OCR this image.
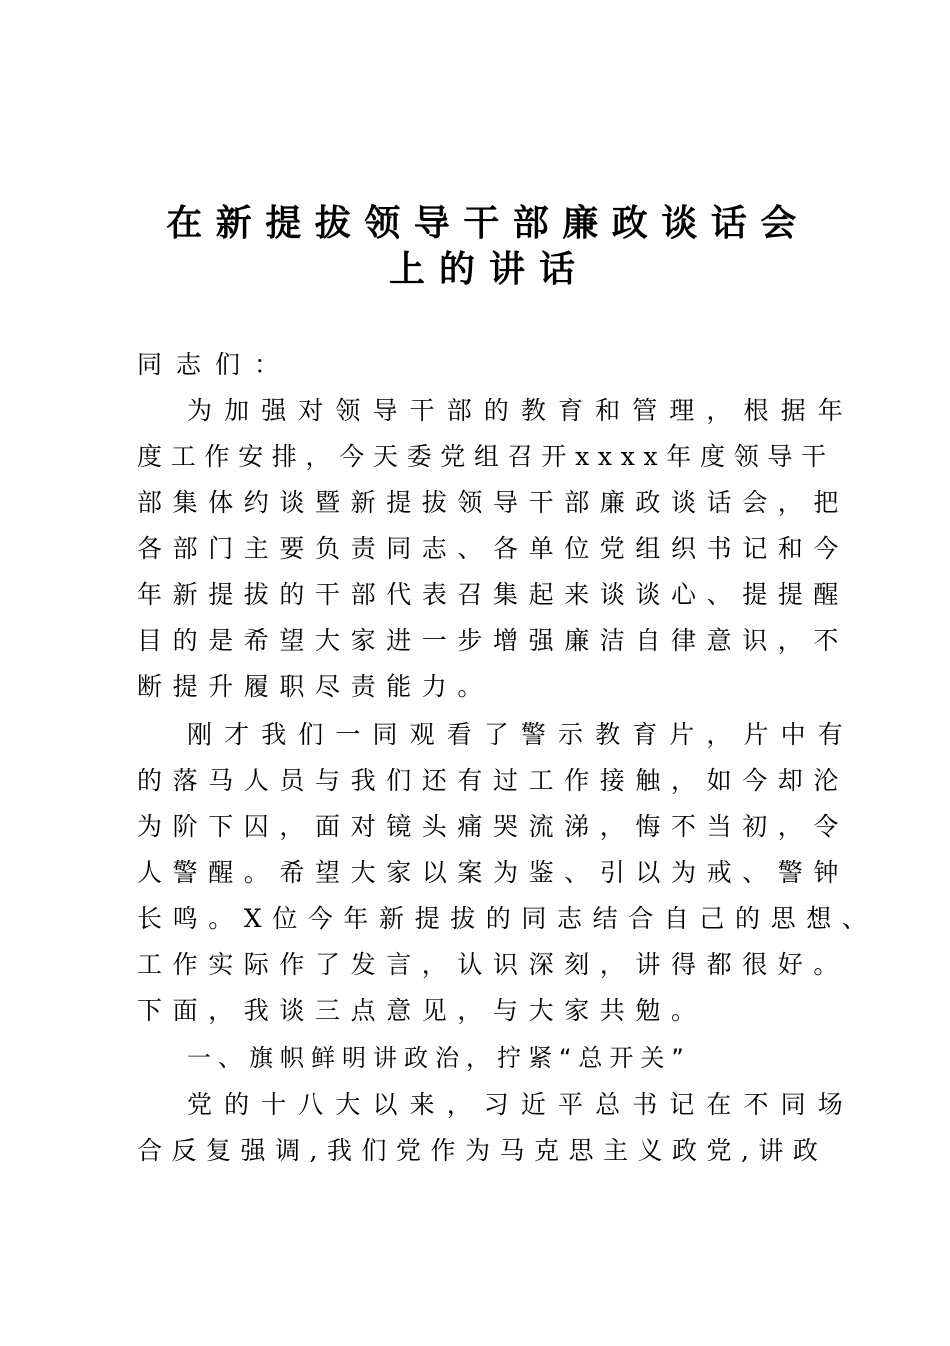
在新提拔领导干部廉政谈话会
上的讲话
同志们：
为加强对领导干部的教育和管理，根据年
度工作安排，今天委党组召开xxxx年度领导干
部集体约谈暨新提拔领导干部廉政谈话会，把
各部门主要负责同志、各单位党组织书记和今
年新提拔的干部代表召集起来谈谈心、提提醒
目的是希望大家进一步增强廉洁自律意识，不
断提升履职尽责能力。
刚才我们一同观看了警示教育片，片中有
的落马人员与我们还有过工作接触，如今却沦
为阶下囚，面对镜头痛哭流涕，悔不当初，令
人警醒。希望大家以案为鉴、引以为戒、警钟
长鸣。X位今年新提拔的同志结合自己的思想、
工作实际作了发言，认识深刻，讲得都很好。
下面，我谈三点意见，与大家共勉。
一、旗帜鲜明讲政治，拧紧“总开关”
党的十八大以来，习近平总书记在不同场
合反复强调,我们党作为马克思主义政党,讲政
